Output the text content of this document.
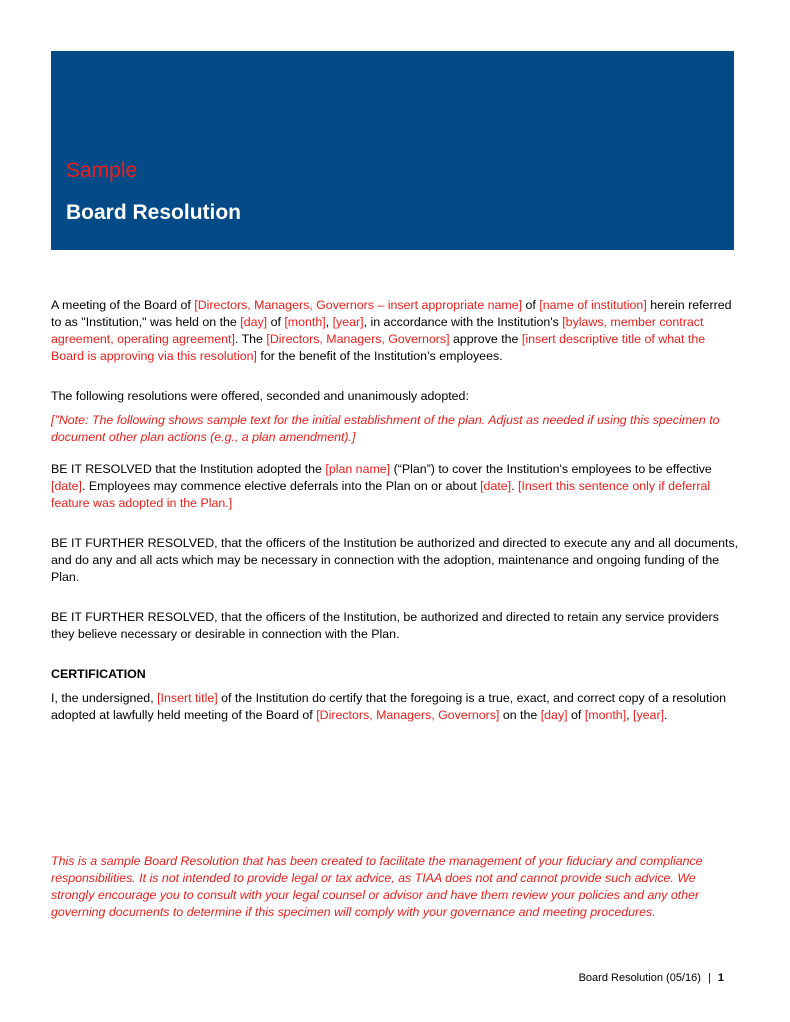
Sample
Board Resolution

A meeting of the Board of [Directors, Managers, Governors – insert appropriate name] of [name of institution] herein referred to as "Institution," was held on the [day] of [month], [year], in accordance with the Institution's [bylaws, member contract agreement, operating agreement]. The [Directors, Managers, Governors] approve the [insert descriptive title of what the Board is approving via this resolution] for the benefit of the Institution’s employees.

The following resolutions were offered, seconded and unanimously adopted:
["Note: The following shows sample text for the initial establishment of the plan. Adjust as needed if using this specimen to document other plan actions (e.g., a plan amendment).]

BE IT RESOLVED that the Institution adopted the [plan name] (“Plan”) to cover the Institution's employees to be effective [date]. Employees may commence elective deferrals into the Plan on or about [date]. [Insert this sentence only if deferral feature was adopted in the Plan.]

BE IT FURTHER RESOLVED, that the officers of the Institution be authorized and directed to execute any and all documents, and do any and all acts which may be necessary in connection with the adoption, maintenance and ongoing funding of the Plan.
BE IT FURTHER RESOLVED, that the officers of the Institution, be authorized and directed to retain any service providers they believe necessary or desirable in connection with the Plan.
CERTIFICATION

I, the undersigned, [Insert title] of the Institution do certify that the foregoing is a true, exact, and correct copy of a resolution adopted at lawfully held meeting of the Board of [Directors, Managers, Governors] on the [day] of [month], [year].

This is a sample Board Resolution that has been created to facilitate the management of your fiduciary and compliance responsibilities. It is not intended to provide legal or tax advice, as TIAA does not and cannot provide such advice. We strongly encourage you to consult with your legal counsel or advisor and have them review your policies and any other governing documents to determine if this specimen will comply with your governance and meeting procedures.
Board Resolution (05/16) | 1
